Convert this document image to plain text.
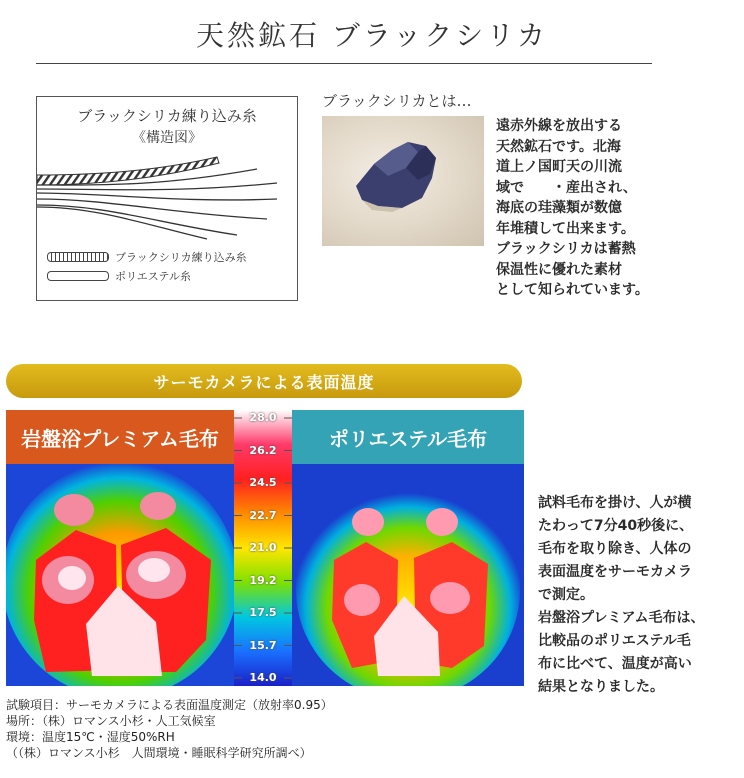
天然鉱石 ブラックシリカ
ブラックシリカ練り込み糸
《構造図》
ブラックシリカ練り込み糸
ポリエステル糸
ブラックシリカとは…
遠赤外線を放出する
天然鉱石です。北海
道上ノ国町天の川流
域で　　・産出され、
海底の珪藻類が数億
年堆積して出来ます。
ブラックシリカは蓄熱
保温性に優れた素材
として知られています。
サーモカメラによる表面温度
岩盤浴プレミアム毛布
28.0
26.2
24.5
22.7
21.0
19.2
17.5
15.7
14.0
ポリエステル毛布
試料毛布を掛け、人が横
たわって7分40秒後に、
毛布を取り除き、人体の
表面温度をサーモカメラ
で測定。
岩盤浴プレミアム毛布は、
比較品のポリエステル毛
布に比べて、温度が高い
結果となりました。
試験項目：サーモカメラによる表面温度測定（放射率0.95）
場所：（株）ロマンス小杉・人工気候室
環境：温度15℃・湿度50%RH
（（株）ロマンス小杉　人間環境・睡眠科学研究所調べ）
